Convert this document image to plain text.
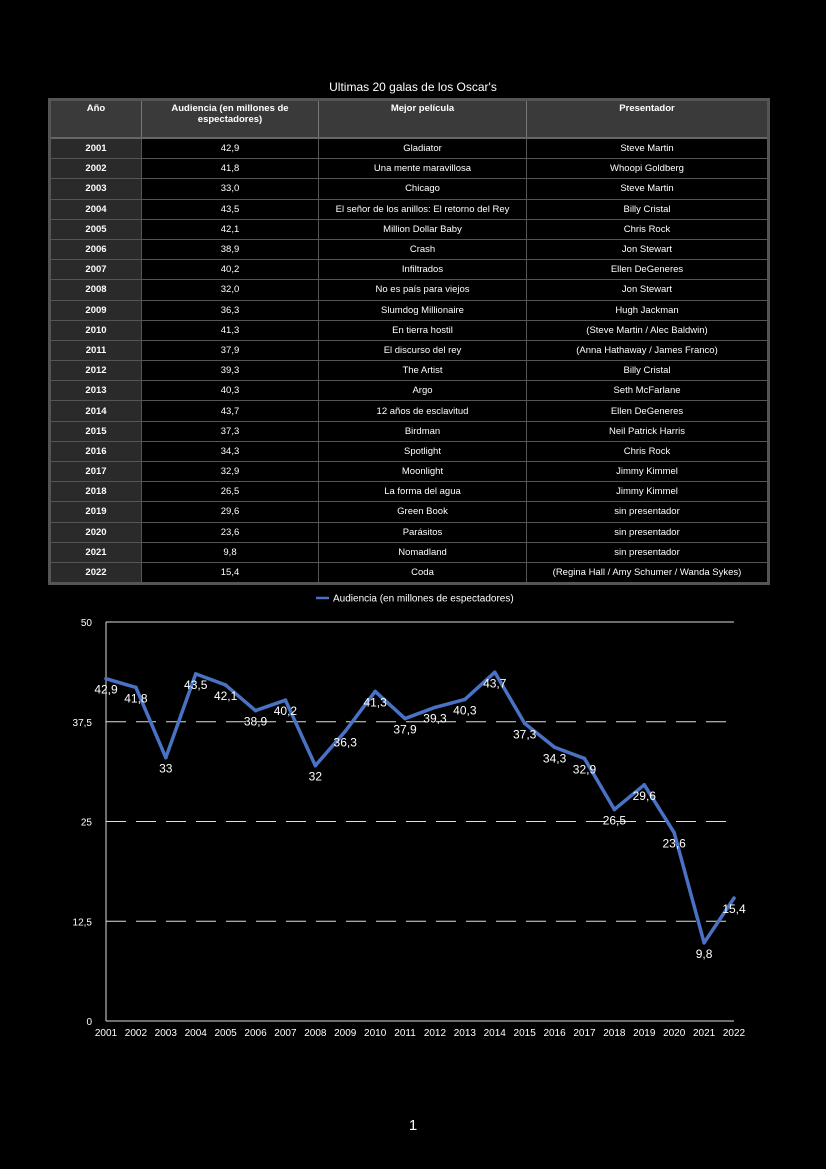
Ultimas 20 galas de los Oscar's
Año	Audiencia (en millones de espectadores)	Mejor película	Presentador
2001	42,9	Gladiator	Steve Martin
2002	41,8	Una mente maravillosa	Whoopi Goldberg
2003	33,0	Chicago	Steve Martin
2004	43,5	El señor de los anillos: El retorno del Rey	Billy Cristal
2005	42,1	Million Dollar Baby	Chris Rock
2006	38,9	Crash	Jon Stewart
2007	40,2	Infiltrados	Ellen DeGeneres
2008	32,0	No es país para viejos	Jon Stewart
2009	36,3	Slumdog Millionaire	Hugh Jackman
2010	41,3	En tierra hostil	(Steve Martin / Alec Baldwin)
2011	37,9	El discurso del rey	(Anna Hathaway / James Franco)
2012	39,3	The Artist	Billy Cristal
2013	40,3	Argo	Seth McFarlane
2014	43,7	12 años de esclavitud	Ellen DeGeneres
2015	37,3	Birdman	Neil Patrick Harris
2016	34,3	Spotlight	Chris Rock
2017	32,9	Moonlight	Jimmy Kimmel
2018	26,5	La forma del agua	Jimmy Kimmel
2019	29,6	Green Book	sin presentador
2020	23,6	Parásitos	sin presentador
2021	9,8	Nomadland	sin presentador
2022	15,4	Coda	(Regina Hall / Amy Schumer / Wanda Sykes)
Audiencia (en millones de espectadores)
0
12,5
25
37,5
50
2001 2002 2003 2004 2005 2006 2007 2008 2009 2010 2011 2012 2013 2014 2015 2016 2017 2018 2019 2020 2021 2022
42,9
41,8
33
43,5
42,1
38,9
40,2
32
36,3
41,3
37,9
39,3
40,3
43,7
37,3
34,3
32,9
26,5
29,6
23,6
9,8
15,4
1
